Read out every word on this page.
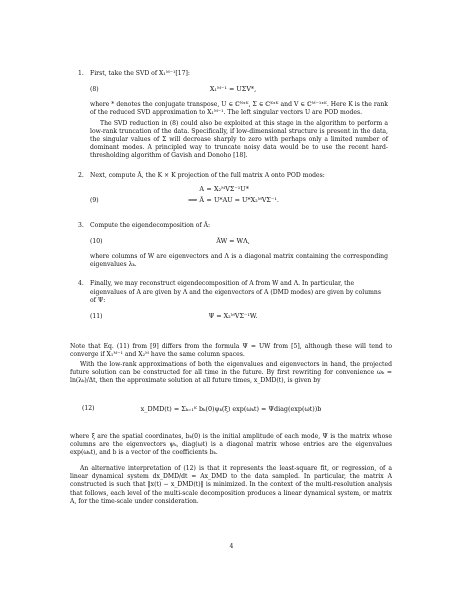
1.	First, take the SVD of X₁ᴹ⁻¹[17]:
(8)	X₁ᴹ⁻¹ = UΣV*,
where * denotes the conjugate transpose, U ∈ ℂᴺˣᴷ, Σ ∈ ℂᴷˣᴷ and V ∈ ℂᴹ⁻¹ˣᴷ. Here K is the rank of the reduced SVD approximation to X₁ᴹ⁻¹. The left singular vectors U are POD modes.
The SVD reduction in (8) could also be exploited at this stage in the algorithm to perform a low-rank truncation of the data. Specifically, if low-dimensional structure is present in the data, the singular values of Σ will decrease sharply to zero with perhaps only a limited number of dominant modes. A principled way to truncate noisy data would be to use the recent hard-thresholding algorithm of Gavish and Donoho [18].
2.	Next, compute Ã, the K × K projection of the full matrix A onto POD modes:
(9)
A = X₂ᴹVΣ⁻¹U*
⟹ Ã = U*AU = U*X₂ᴹVΣ⁻¹.
3.	Compute the eigendecomposition of Ã:
(10)	ÃW = WΛ,
where columns of W are eigenvectors and Λ is a diagonal matrix containing the corresponding eigenvalues λₖ.
4.	Finally, we may reconstruct eigendecomposition of A from W and Λ. In particular, the eigenvalues of A are given by Λ and the eigenvectors of A (DMD modes) are given by columns of Ψ:
(11)	Ψ = X₂ᴹVΣ⁻¹W.
Note that Eq. (11) from [9] differs from the formula Ψ = UW from [5], although these will tend to converge if X₁ᴹ⁻¹ and X₂ᴹ have the same column spaces.
With the low-rank approximations of both the eigenvalues and eigenvectors in hand, the projected future solution can be constructed for all time in the future. By first rewriting for convenience ωₖ = ln(λₖ)/Δt, then the approximate solution at all future times, x_DMD(t), is given by
(12)	x_DMD(t) = Σₖ₌₁ᴷ bₖ(0)ψₖ(ξ) exp(ωₖt) = Ψdiag(exp(ωt))b
where ξ are the spatial coordinates, bₖ(0) is the initial amplitude of each mode, Ψ is the matrix whose columns are the eigenvectors ψₖ, diag(ωt) is a diagonal matrix whose entries are the eigenvalues exp(ωₖt), and b is a vector of the coefficients bₖ.
An alternative interpretation of (12) is that it represents the least-square fit, or regression, of a linear dynamical system dx_DMD/dt = Ax_DMD to the data sampled. In particular, the matrix A constructed is such that ‖x(t) − x_DMD(t)‖ is minimized. In the context of the multi-resolution analysis that follows, each level of the multi-scale decomposition produces a linear dynamical system, or matrix A, for the time-scale under consideration.
4
